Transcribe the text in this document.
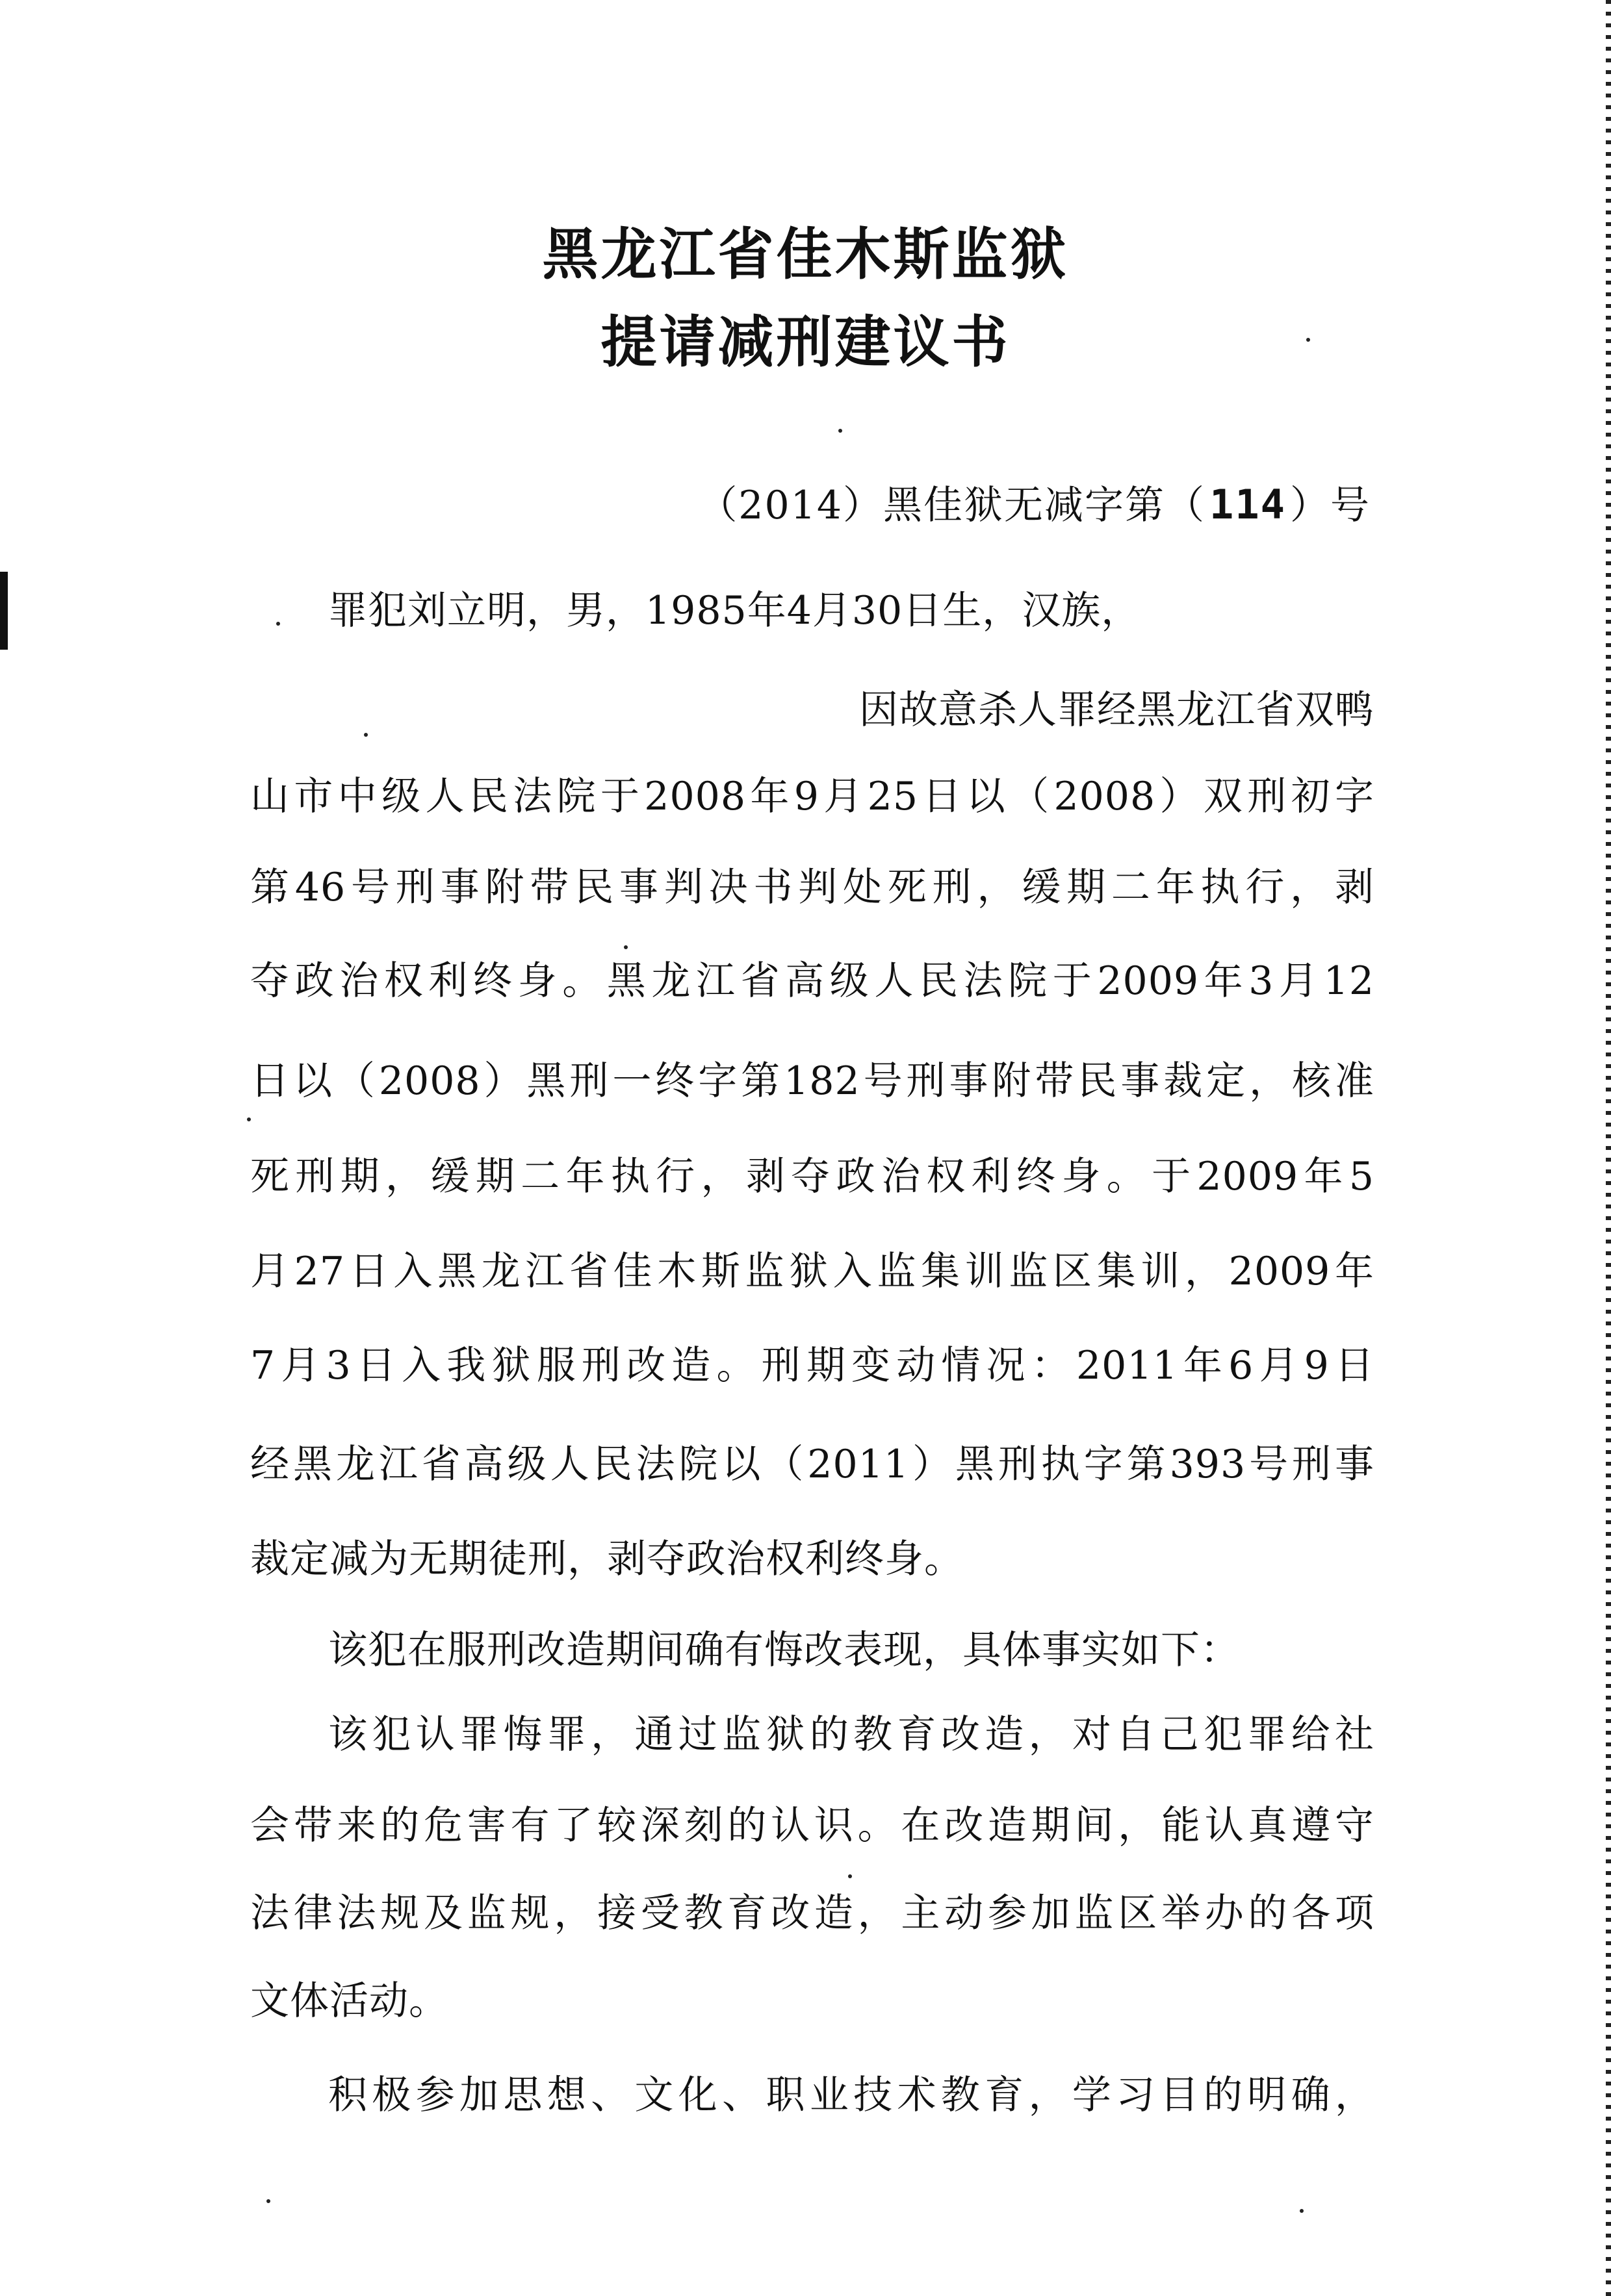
黑龙江省佳木斯监狱
提请减刑建议书
（2014）黑佳狱无减字第（114 ）号
罪犯刘立明，男，1985年4月30日生，汉族，
因故意杀人罪经黑龙江省双鸭
山市中级人民法院于2008年9月25日以（2008）双刑初字
第46号刑事附带民事判决书判处死刑，缓期二年执行，剥
夺政治权利终身。黑龙江省高级人民法院于2009年3月12
日以（2008）黑刑一终字第182号刑事附带民事裁定，核准
死刑期，缓期二年执行，剥夺政治权利终身。于2009年5
月27日入黑龙江省佳木斯监狱入监集训监区集训，2009年
7月3日入我狱服刑改造。刑期变动情况：2011年6月9日
经黑龙江省高级人民法院以（2011）黑刑执字第393号刑事
裁定减为无期徒刑，剥夺政治权利终身。
该犯在服刑改造期间确有悔改表现，具体事实如下：
该犯认罪悔罪，通过监狱的教育改造，对自己犯罪给社
会带来的危害有了较深刻的认识。在改造期间，能认真遵守
法律法规及监规，接受教育改造，主动参加监区举办的各项
文体活动。
积极参加思想、文化、职业技术教育，学习目的明确，
